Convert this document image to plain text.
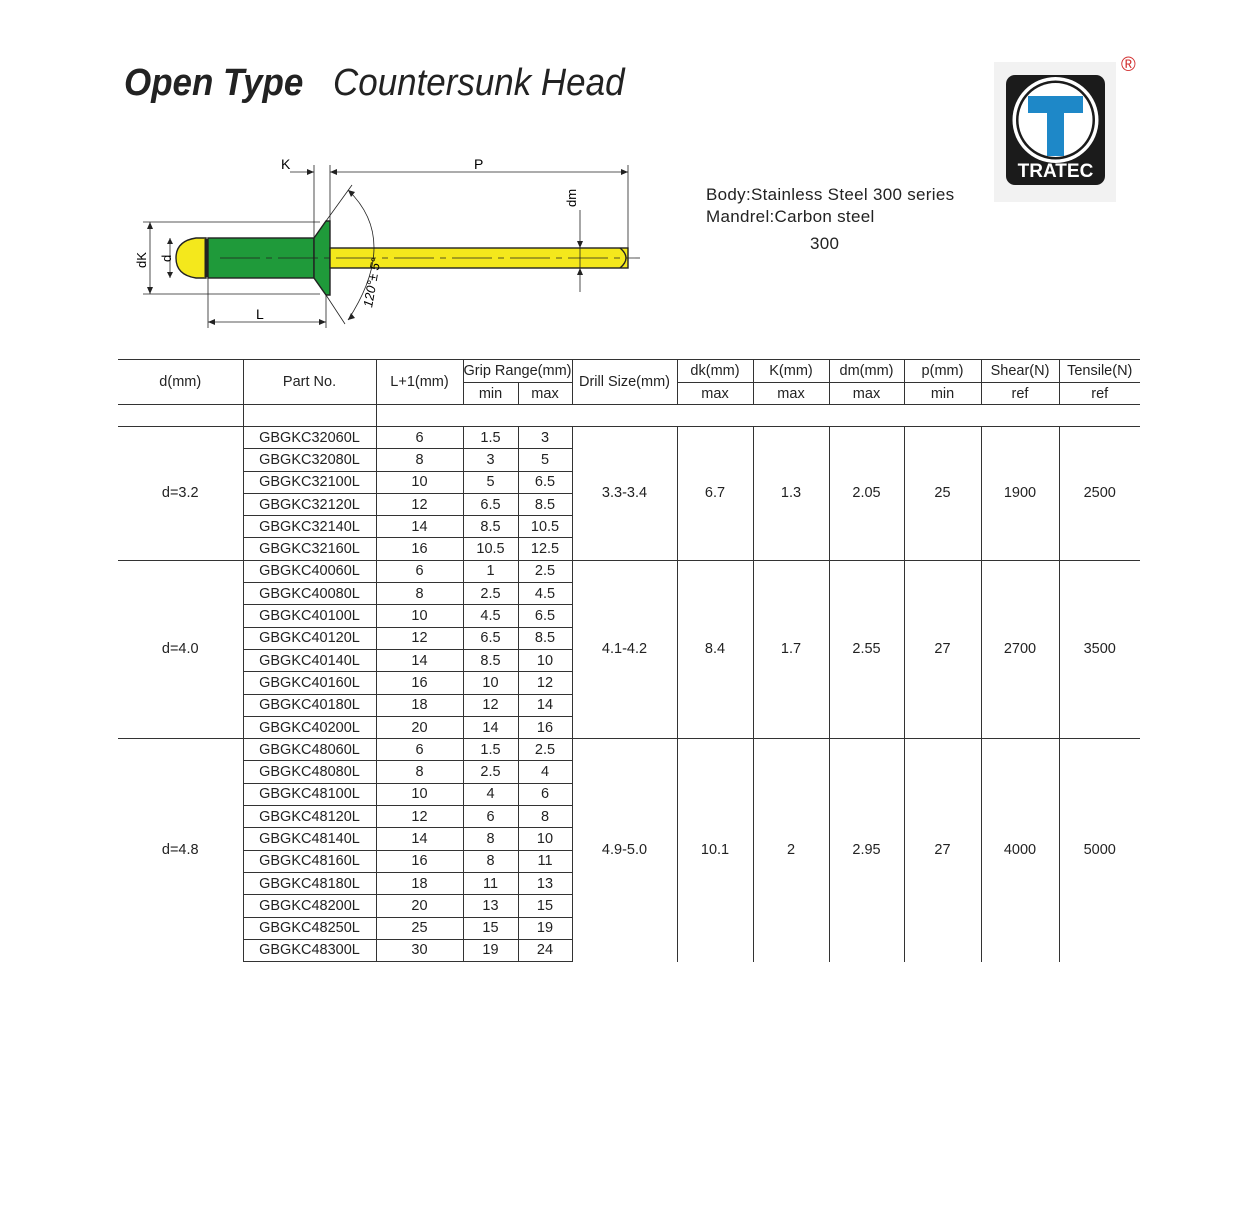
Open Type Countersunk Head
Body:Stainless Steel 300 series
Mandrel:Carbon steel
300
TRATEC
®
K	P
dm
dK d
L
120°± 5°
d(mm)	Part No.	L+1(mm)	Grip Range(mm)		Drill Size(mm)	dk(mm)	K(mm)	dm(mm)	p(mm)	Shear(N)	Tensile(N)
			min	max		max	max	max	min	ref	ref

d=3.2	GBGKC32060L	6	1.5	3	3.3-3.4	6.7	1.3	2.05	25	1900	2500
	GBGKC32080L	8	3	5							
	GBGKC32100L	10	5	6.5							
	GBGKC32120L	12	6.5	8.5							
	GBGKC32140L	14	8.5	10.5							
	GBGKC32160L	16	10.5	12.5							
d=4.0	GBGKC40060L	6	1	2.5	4.1-4.2	8.4	1.7	2.55	27	2700	3500
	GBGKC40080L	8	2.5	4.5							
	GBGKC40100L	10	4.5	6.5							
	GBGKC40120L	12	6.5	8.5							
	GBGKC40140L	14	8.5	10							
	GBGKC40160L	16	10	12							
	GBGKC40180L	18	12	14							
	GBGKC40200L	20	14	16							
d=4.8	GBGKC48060L	6	1.5	2.5	4.9-5.0	10.1	2	2.95	27	4000	5000
	GBGKC48080L	8	2.5	4							
	GBGKC48100L	10	4	6							
	GBGKC48120L	12	6	8							
	GBGKC48140L	14	8	10							
	GBGKC48160L	16	8	11							
	GBGKC48180L	18	11	13							
	GBGKC48200L	20	13	15							
	GBGKC48250L	25	15	19							
	GBGKC48300L	30	19	24							
